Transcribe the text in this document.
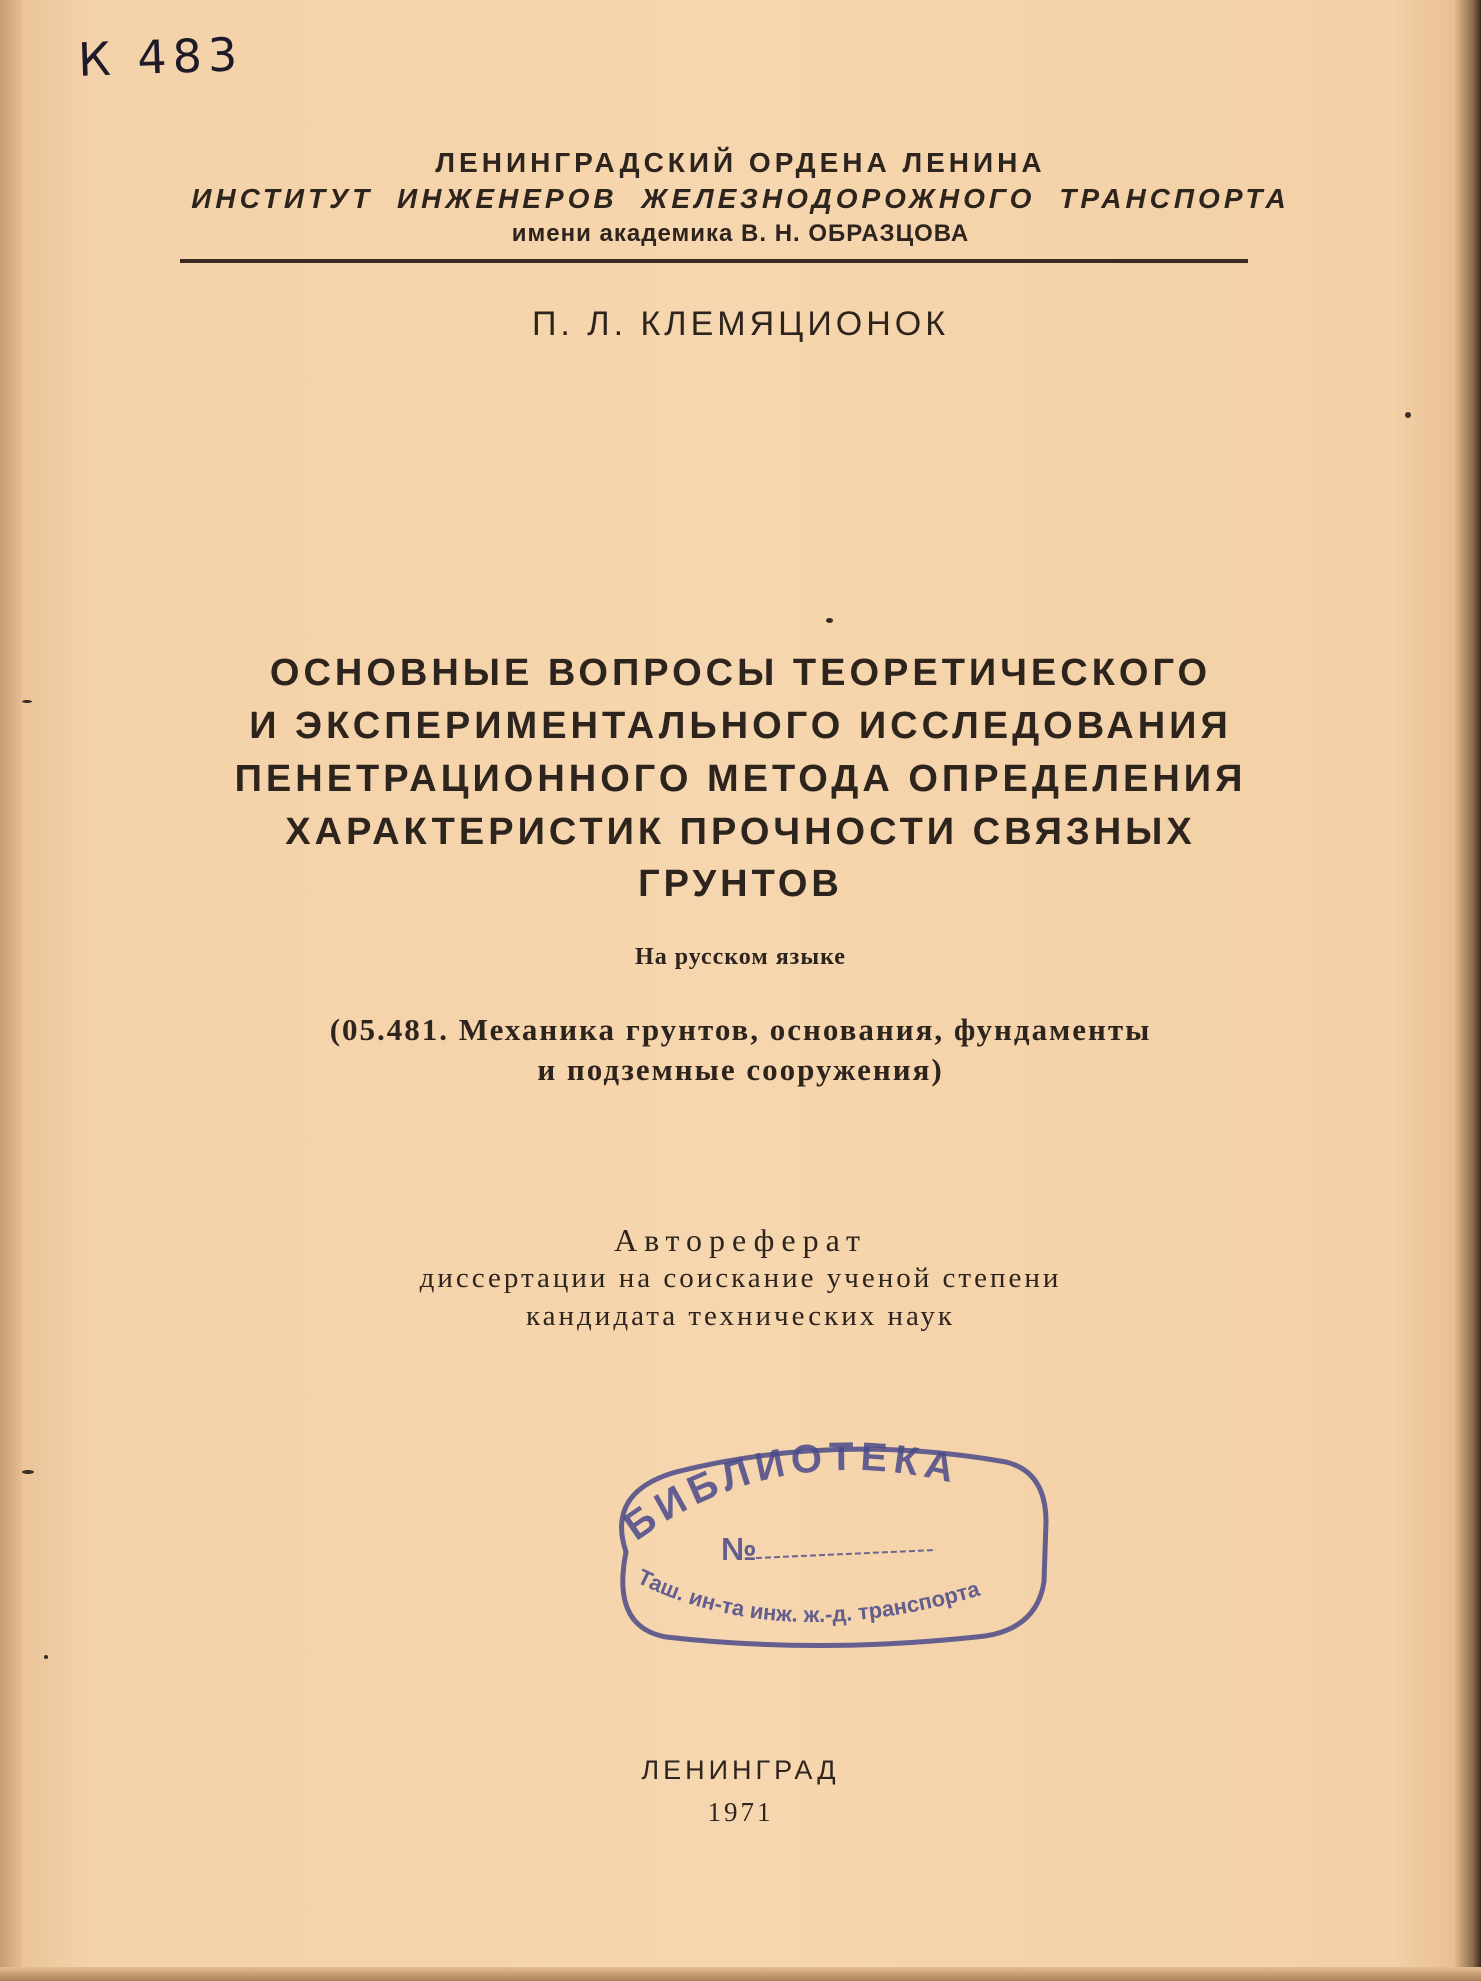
К 483
ЛЕНИНГРАДСКИЙ ОРДЕНА ЛЕНИНА
ИНСТИТУТ ИНЖЕНЕРОВ ЖЕЛЕЗНОДОРОЖНОГО ТРАНСПОРТА
имени академика В. Н. ОБРАЗЦОВА
П. Л. КЛЕМЯЦИОНОК
ОСНОВНЫЕ ВОПРОСЫ ТЕОРЕТИЧЕСКОГО
И ЭКСПЕРИМЕНТАЛЬНОГО ИССЛЕДОВАНИЯ
ПЕНЕТРАЦИОННОГО МЕТОДА ОПРЕДЕЛЕНИЯ
ХАРАКТЕРИСТИК ПРОЧНОСТИ СВЯЗНЫХ
ГРУНТОВ
На русском языке
(05.481. Механика грунтов, основания, фундаменты
и подземные сооружения)
Автореферат
диссертации на соискание ученой степени
кандидата технических наук
БИБЛИОТЕКА
№
Таш. ин-та инж. ж.-д. транспорта
ЛЕНИНГРАД
1971
